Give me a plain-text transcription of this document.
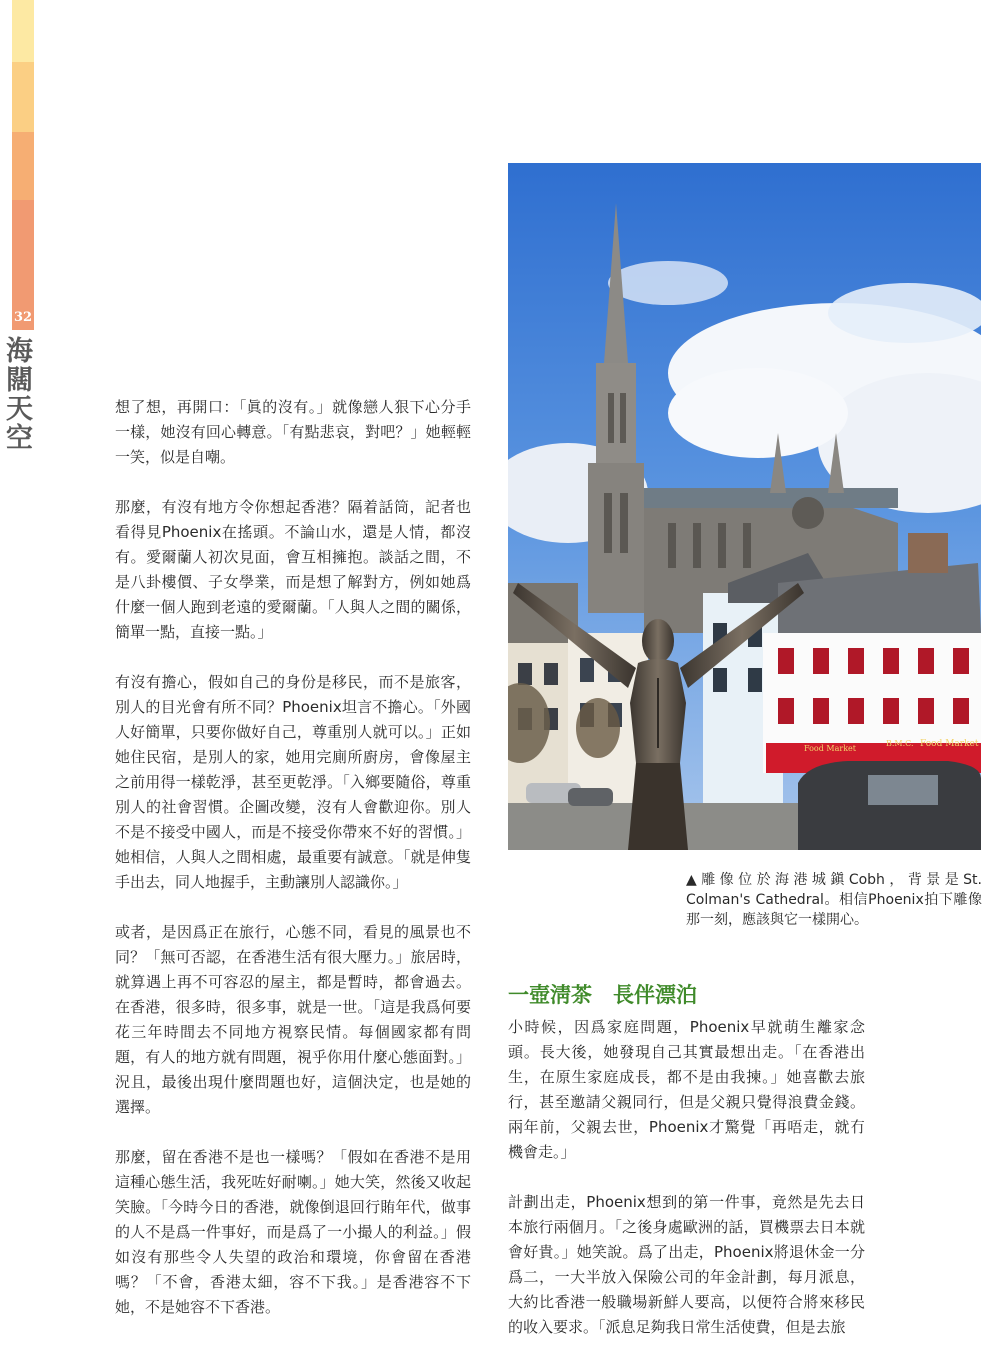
32
海闊天空	想了想，再開口：「眞的沒有。」就像戀人狠下心分手一樣，她沒有回心轉意。「有點悲哀，對吧？」她輕輕一笑，似是自嘲。

那麼，有沒有地方令你想起香港？隔着話筒，記者也看得見Phoenix在搖頭。不論山水，還是人情，都沒有。愛爾蘭人初次見面，會互相擁抱。談話之間，不是八卦樓價、子女學業，而是想了解對方，例如她爲什麼一個人跑到老遠的愛爾蘭。「人與人之間的關係，簡單一點，直接一點。」

有沒有擔心，假如自己的身份是移民，而不是旅客，別人的目光會有所不同？Phoenix坦言不擔心。「外國人好簡單，只要你做好自己，尊重別人就可以。」正如她住民宿，是別人的家，她用完廁所廚房，會像屋主之前用得一樣乾淨，甚至更乾淨。「入鄉要隨俗，尊重別人的社會習慣。企圖改變，沒有人會歡迎你。別人不是不接受中國人，而是不接受你帶來不好的習慣。」她相信，人與人之間相處，最重要有誠意。「就是伸隻手出去，同人地握手，主動讓別人認識你。」

或者，是因爲正在旅行，心態不同，看見的風景也不同？「無可否認，在香港生活有很大壓力。」旅居時，就算遇上再不可容忍的屋主，都是暫時，都會過去。在香港，很多時，很多事，就是一世。「這是我爲何要花三年時間去不同地方視察民情。每個國家都有問題，有人的地方就有問題，視乎你用什麼心態面對。」況且，最後出現什麼問題也好，這個決定，也是她的選擇。

那麼，留在香港不是也一樣嗎？「假如在香港不是用這種心態生活，我死咗好耐喇。」她大笑，然後又收起笑臉。「今時今日的香港，就像倒退回行賄年代，做事的人不是爲一件事好，而是爲了一小撮人的利益。」假如沒有那些令人失望的政治和環境，你會留在香港嗎？「不會，香港太細，容不下我。」是香港容不下她，不是她容不下香港。

Food Market
B.M.C. Food Market

▲雕像位於海港城鎭Cobh，背景是St. Colman's Cathedral。相信Phoenix拍下雕像那一刻，應該與它一樣開心。

一壺淸茶　長伴漂泊

小時候，因爲家庭問題，Phoenix早就萌生離家念頭。長大後，她發現自己其實最想出走。「在香港出生，在原生家庭成長，都不是由我揀。」她喜歡去旅行，甚至邀請父親同行，但是父親只覺得浪費金錢。兩年前，父親去世，Phoenix才驚覺「再唔走，就冇機會走。」

計劃出走，Phoenix想到的第一件事，竟然是先去日本旅行兩個月。「之後身處歐洲的話，買機票去日本就會好貴。」她笑說。爲了出走，Phoenix將退休金一分爲二，一大半放入保險公司的年金計劃，每月派息，大約比香港一般職場新鮮人要高，以便符合將來移民的收入要求。「派息足夠我日常生活使費，但是去旅
